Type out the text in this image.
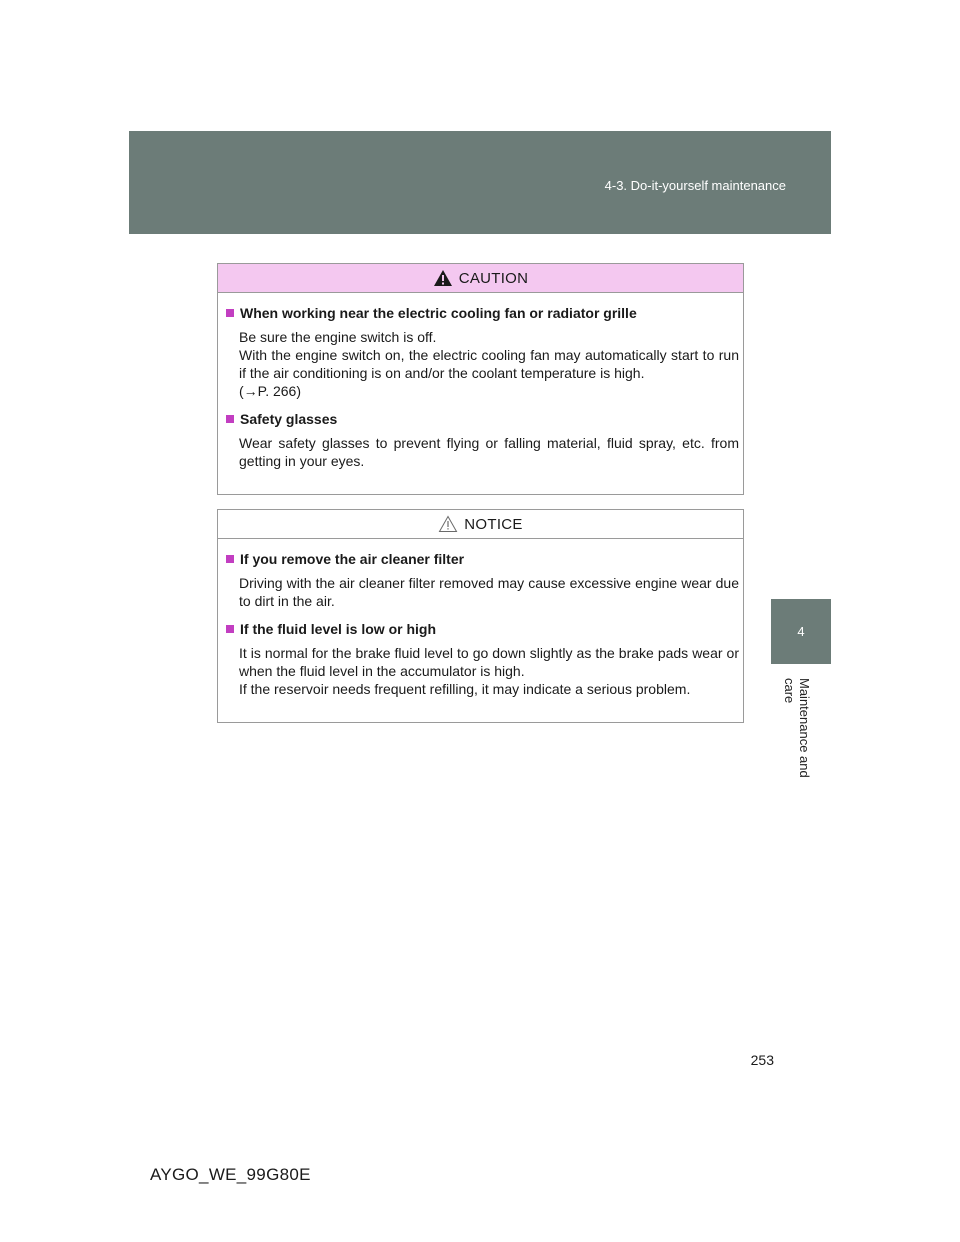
4-3. Do-it-yourself maintenance
4
Maintenance and care
CAUTION
When working near the electric cooling fan or radiator grille
Be sure the engine switch is off.
With the engine switch on, the electric cooling fan may automatically start to run if the air conditioning is on and/or the coolant temperature is high.
(→P. 266)
Safety glasses
Wear safety glasses to prevent flying or falling material, fluid spray, etc. from getting in your eyes.
NOTICE
If you remove the air cleaner filter
Driving with the air cleaner filter removed may cause excessive engine wear due to dirt in the air.
If the fluid level is low or high
It is normal for the brake fluid level to go down slightly as the brake pads wear or when the fluid level in the accumulator is high.
If the reservoir needs frequent refilling, it may indicate a serious problem.
253
AYGO_WE_99G80E
